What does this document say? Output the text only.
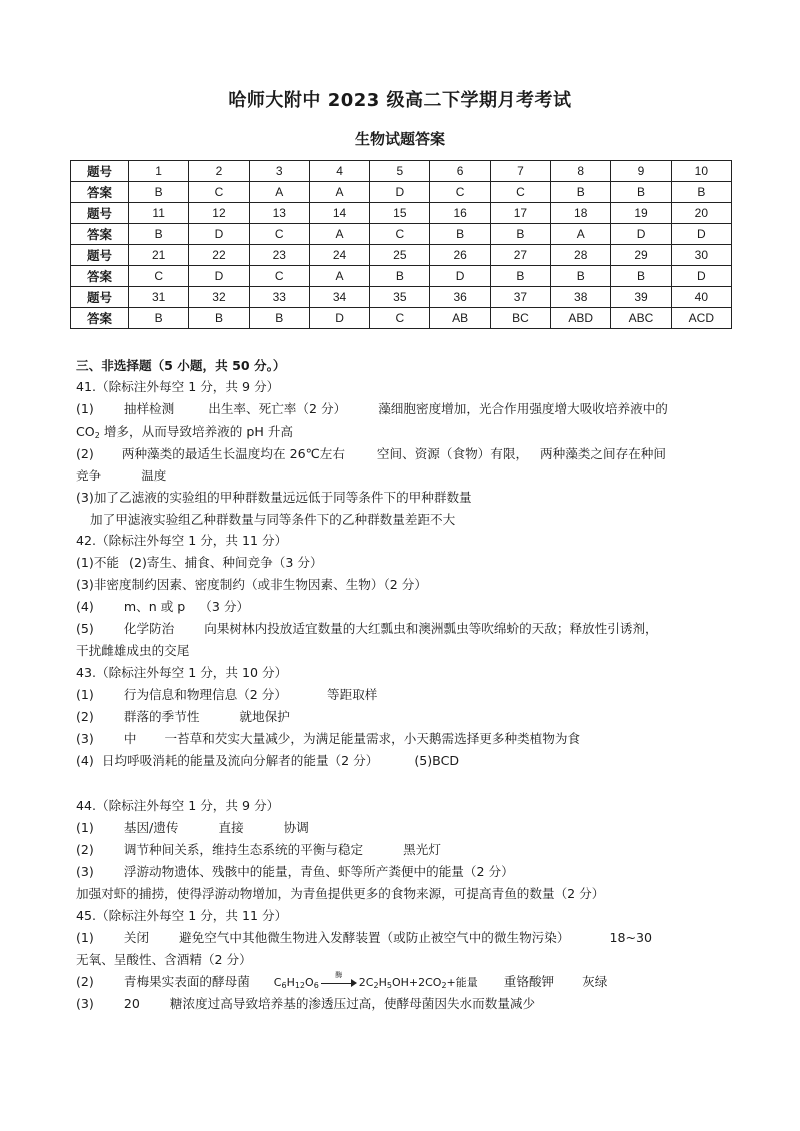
哈师大附中 2023 级高二下学期月考考试
生物试题答案
题号	1	2	3	4	5	6	7	8	9	10
答案	B	C	A	A	D	C	C	B	B	B
题号	11	12	13	14	15	16	17	18	19	20
答案	B	D	C	A	C	B	B	A	D	D
题号	21	22	23	24	25	26	27	28	29	30
答案	C	D	C	A	B	D	B	B	B	D
题号	31	32	33	34	35	36	37	38	39	40
答案	B	B	B	D	C	AB	BC	ABD	ABC	ACD
三、非选择题（5 小题，共 50 分。）
41.（除标注外每空 1 分，共 9 分）
(1) 抽样检测	出生率、死亡率（2 分）	藻细胞密度增加，光合作用强度增大吸收培养液中的
$CO_2$ 增多，从而导致培养液的 pH 升高
(2) 两种藻类的最适生长温度均在 26℃左右	空间、资源（食物）有限， 两种藻类之间存在种间
竞争	温度
(3)加了乙滤液的实验组的甲种群数量远远低于同等条件下的甲种群数量
加了甲滤液实验组乙种群数量与同等条件下的乙种群数量差距不大
42.（除标注外每空 1 分，共 11 分）
(1)不能 (2)寄生、捕食、种间竞争（3 分）
(3)非密度制约因素、密度制约（或非生物因素、生物）（2 分）
(4) m、n 或 p （3 分）
(5) 化学防治 向果树林内投放适宜数量的大红瓢虫和澳洲瓢虫等吹绵蚧的天敌；释放性引诱剂，
干扰雌雄成虫的交尾
43.（除标注外每空 1 分，共 10 分）
(1) 行为信息和物理信息（2 分）	等距取样
(2) 群落的季节性	就地保护
(3) 中 一苔草和芡实大量减少，为满足能量需求，小天鹅需选择更多种类植物为食
(4) 日均呼吸消耗的能量及流向分解者的能量（2 分）	(5)BCD
44.（除标注外每空 1 分，共 9 分）
(1) 基因/遗传	直接	协调
(2) 调节种间关系，维持生态系统的平衡与稳定	黑光灯
(3) 浮游动物遗体、残骸中的能量，青鱼、虾等所产粪便中的能量（2 分）
加强对虾的捕捞，使得浮游动物增加，为青鱼提供更多的食物来源，可提高青鱼的数量（2 分）
45.（除标注外每空 1 分，共 11 分）
(1) 关闭 避免空气中其他微生物进入发酵装置（或防止被空气中的微生物污染）	18~30
无氧、呈酸性、含酒精（2 分）
(2) 青梅果实表面的酵母菌 $C_6H_{12}O_6$
酶
$2C_2H_5OH+2CO_2+$能量 重铬酸钾 灰绿
(3) 20 糖浓度过高导致培养基的渗透压过高，使酵母菌因失水而数量减少
